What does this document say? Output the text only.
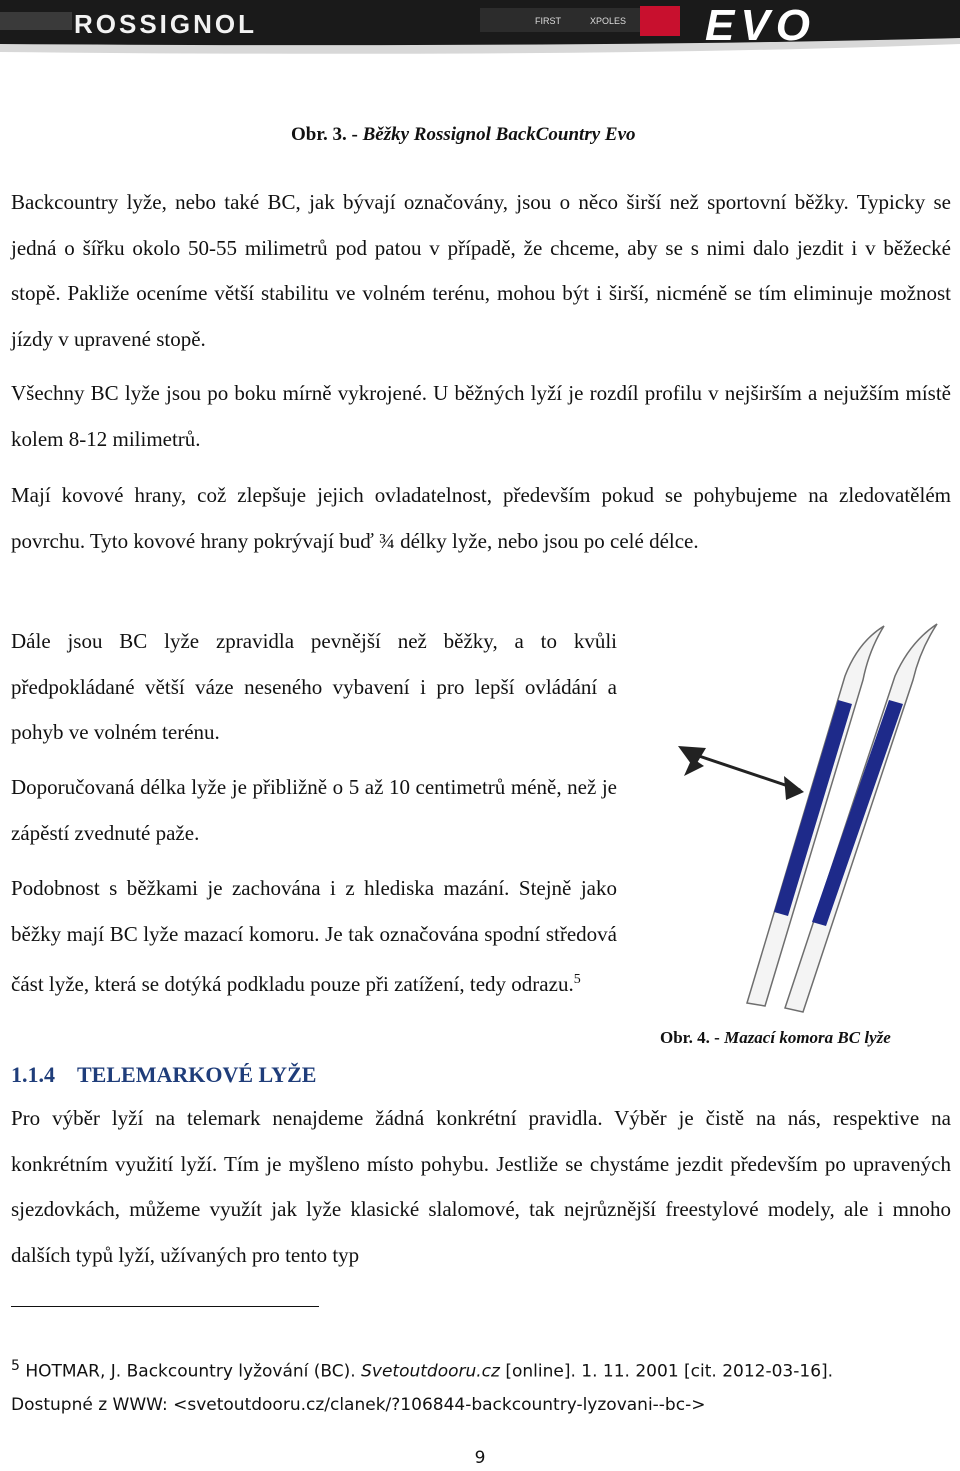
ROSSIGNOL	FIRST	XPOLES EVO
Obr. 3. - Běžky Rossignol BackCountry Evo

Backcountry lyže, nebo také BC, jak bývají označovány, jsou o něco širší než sportovní běžky. Typicky se jedná o šířku okolo 50-55 milimetrů pod patou v případě, že chceme, aby se s nimi dalo jezdit i v běžecké stopě. Pakliže oceníme větší stabilitu ve volném terénu, mohou být i širší, nicméně se tím eliminuje možnost jízdy v upravené stopě.

Všechny BC lyže jsou po boku mírně vykrojené. U běžných lyží je rozdíl profilu v nejširším a nejužším místě kolem 8-12 milimetrů.

Mají kovové hrany, což zlepšuje jejich ovladatelnost, především pokud se pohybujeme na zledovatělém povrchu. Tyto kovové hrany pokrývají buď ¾ délky lyže, nebo jsou po celé délce.

Dále jsou BC lyže zpravidla pevnější než běžky, a to kvůli předpokládané větší váze neseného vybavení i pro lepší ovládání a pohyb ve volném terénu.

Doporučovaná délka lyže je přibližně o 5 až 10 centimetrů méně, než je zápěstí zvednuté paže.

Podobnost s běžkami je zachována i z hlediska mazání. Stejně jako běžky mají BC lyže mazací komoru. Je tak označována spodní středová část lyže, která se dotýká podkladu pouze při zatížení, tedy odrazu.$^5$

Obr. 4. - Mazací komora BC lyže
1.1.4 TELEMARKOVÉ LYŽE

Pro výběr lyží na telemark nenajdeme žádná konkrétní pravidla. Výběr je čistě na nás, respektive na konkrétním využití lyží. Tím je myšleno místo pohybu. Jestliže se chystáme jezdit především po upravených sjezdovkách, můžeme využít jak lyže klasické slalomové, tak nejrůznější freestylové modely, ale i mnoho dalších typů lyží, užívaných pro tento typ

$^5$ HOTMAR, J. Backcountry lyžování (BC). Svetoutdooru.cz [online]. 1. 11. 2001 [cit. 2012-03-16].
Dostupné z WWW: <svetoutdooru.cz/clanek/?106844-backcountry-lyzovani--bc->

9
